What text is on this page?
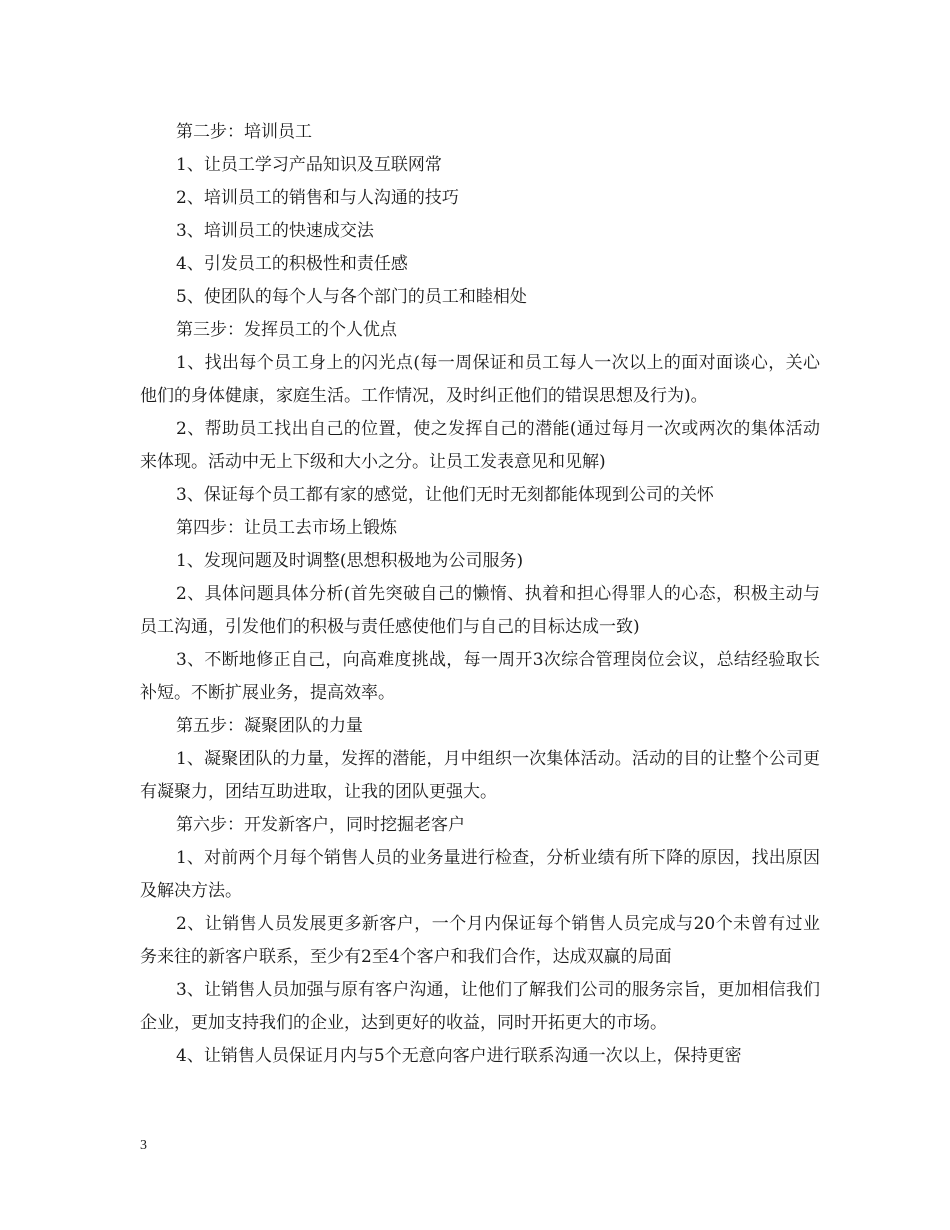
第二步：培训员工

1、让员工学习产品知识及互联网常

2、培训员工的销售和与人沟通的技巧

3、培训员工的快速成交法

4、引发员工的积极性和责任感

5、使团队的每个人与各个部门的员工和睦相处

第三步：发挥员工的个人优点

1、找出每个员工身上的闪光点(每一周保证和员工每人一次以上的面对面谈心，关心他们的身体健康，家庭生活。工作情况，及时纠正他们的错误思想及行为)。

2、帮助员工找出自己的位置，使之发挥自己的潜能(通过每月一次或两次的集体活动来体现。活动中无上下级和大小之分。让员工发表意见和见解)

3、保证每个员工都有家的感觉，让他们无时无刻都能体现到公司的关怀

第四步：让员工去市场上锻炼

1、发现问题及时调整(思想积极地为公司服务)

2、具体问题具体分析(首先突破自己的懒惰、执着和担心得罪人的心态，积极主动与员工沟通，引发他们的积极与责任感使他们与自己的目标达成一致)

3、不断地修正自己，向高难度挑战，每一周开3次综合管理岗位会议，总结经验取长补短。不断扩展业务，提高效率。

第五步：凝聚团队的力量

1、凝聚团队的力量，发挥的潜能，月中组织一次集体活动。活动的目的让整个公司更有凝聚力，团结互助进取，让我的团队更强大。

第六步：开发新客户，同时挖掘老客户

1、对前两个月每个销售人员的业务量进行检查，分析业绩有所下降的原因，找出原因及解决方法。

2、让销售人员发展更多新客户，一个月内保证每个销售人员完成与20个未曾有过业务来往的新客户联系，至少有2至4个客户和我们合作，达成双赢的局面

3、让销售人员加强与原有客户沟通，让他们了解我们公司的服务宗旨，更加相信我们企业，更加支持我们的企业，达到更好的收益，同时开拓更大的市场。

4、让销售人员保证月内与5个无意向客户进行联系沟通一次以上，保持更密

3
